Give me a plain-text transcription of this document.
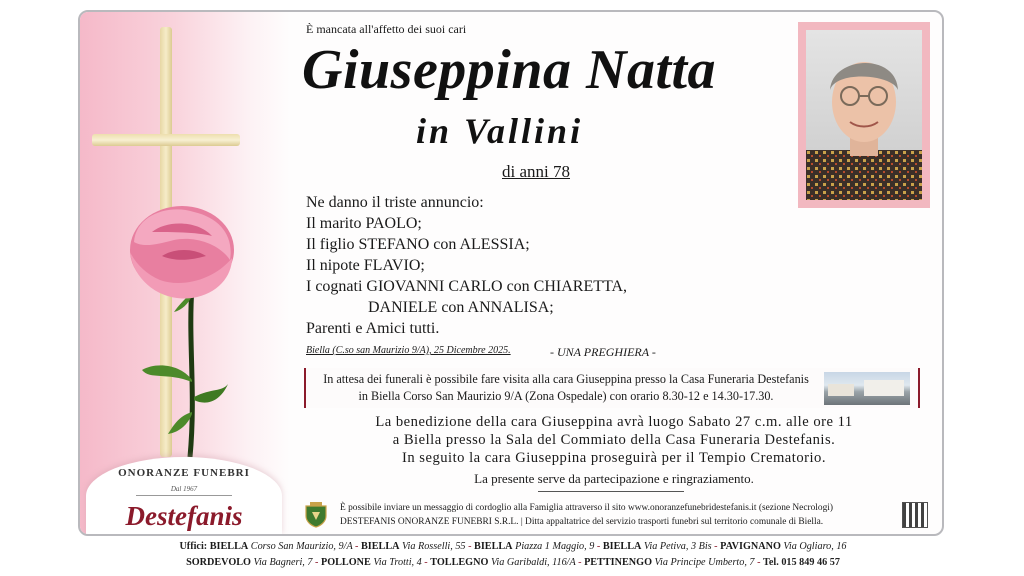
ONORANZE FUNEBRI
Dal 1967
Destefanis
È mancata all'affetto dei suoi cari
Giuseppina Natta
in Vallini
di anni 78
Ne danno il triste annuncio:
Il marito PAOLO;
Il figlio STEFANO con ALESSIA;
Il nipote FLAVIO;
I cognati GIOVANNI CARLO con CHIARETTA,
DANIELE con ANNALISA;
Parenti e Amici tutti.
Biella (C.so san Maurizio 9/A), 25 Dicembre 2025.	- UNA PREGHIERA -
In attesa dei funerali è possibile fare visita alla cara Giuseppina presso la Casa Funeraria Destefanis
in Biella Corso San Maurizio 9/A (Zona Ospedale) con orario 8.30-12 e 14.30-17.30.
La benedizione della cara Giuseppina avrà luogo Sabato 27 c.m. alle ore 11
a Biella presso la Sala del Commiato della Casa Funeraria Destefanis.
In seguito la cara Giuseppina proseguirà per il Tempio Crematorio.
La presente serve da partecipazione e ringraziamento.
È possibile inviare un messaggio di cordoglio alla Famiglia attraverso il sito www.onoranzefunebridestefanis.it (sezione Necrologi)
DESTEFANIS ONORANZE FUNEBRI S.R.L. | Ditta appaltatrice del servizio trasporti funebri sul territorio comunale di Biella.
Uffici: BIELLA Corso San Maurizio, 9/A - BIELLA Via Rosselli, 55 - BIELLA Piazza 1 Maggio, 9 - BIELLA Via Petiva, 3 Bis - PAVIGNANO Via Ogliaro, 16
SORDEVOLO Via Bagneri, 7 - POLLONE Via Trotti, 4 - TOLLEGNO Via Garibaldi, 116/A - PETTINENGO Via Principe Umberto, 7 - Tel. 015 849 46 57
